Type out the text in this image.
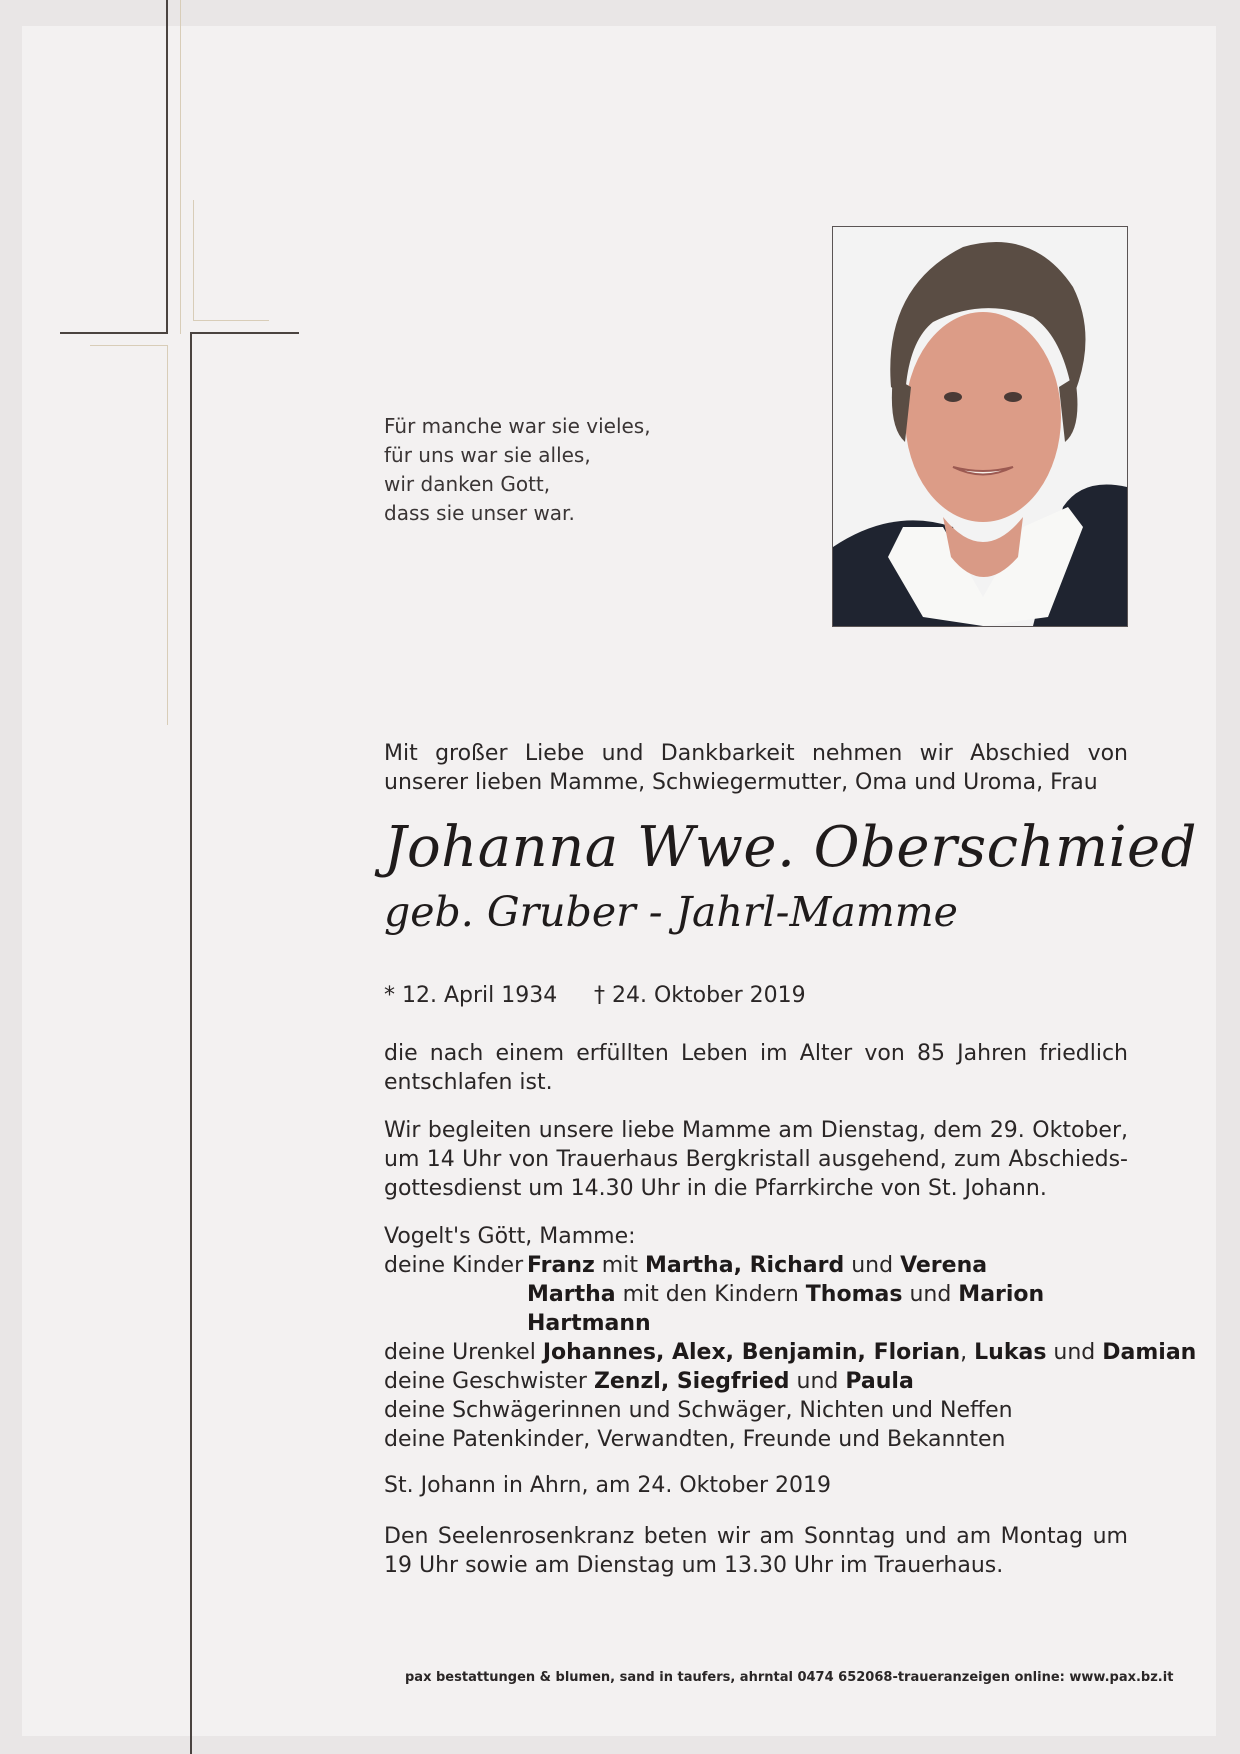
Für manche war sie vieles,
für uns war sie alles,
wir danken Gott,
dass sie unser war.
Mit großer Liebe und Dankbarkeit nehmen wir Abschied von unserer lieben Mamme, Schwiegermutter, Oma und Uroma, Frau
Johanna Wwe. Oberschmied
geb. Gruber - Jahrl-Mamme
* 12. April 1934 † 24. Oktober 2019
die nach einem erfüllten Leben im Alter von 85 Jahren friedlich entschlafen ist.
Wir begleiten unsere liebe Mamme am Dienstag, dem 29. Oktober, um 14 Uhr von Trauerhaus Bergkristall ausgehend, zum Abschieds-gottesdienst um 14.30 Uhr in die Pfarrkirche von St. Johann.
Vogelt's Gött, Mamme:
deine Kinder Franz mit Martha, Richard und Verena
Martha mit den Kindern Thomas und Marion
Hartmann
deine Urenkel Johannes, Alex, Benjamin, Florian, Lukas und Damian
deine Geschwister Zenzl, Siegfried und Paula
deine Schwägerinnen und Schwäger, Nichten und Neffen
deine Patenkinder, Verwandten, Freunde und Bekannten
St. Johann in Ahrn, am 24. Oktober 2019
Den Seelenrosenkranz beten wir am Sonntag und am Montag um 19 Uhr sowie am Dienstag um 13.30 Uhr im Trauerhaus.
pax bestattungen & blumen, sand in taufers, ahrntal 0474 652068-traueranzeigen online: www.pax.bz.it
